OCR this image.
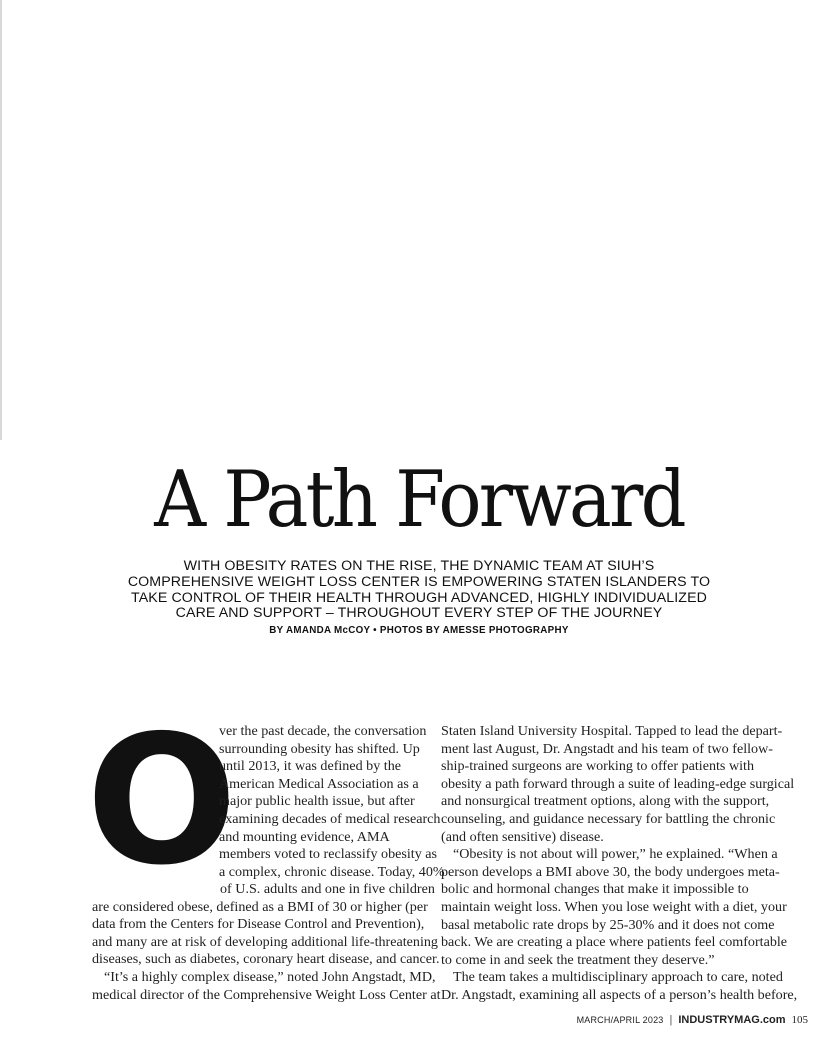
A Path Forward
WITH OBESITY RATES ON THE RISE, THE DYNAMIC TEAM AT SIUH’S
COMPREHENSIVE WEIGHT LOSS CENTER IS EMPOWERING STATEN ISLANDERS TO
TAKE CONTROL OF THEIR HEALTH THROUGH ADVANCED, HIGHLY INDIVIDUALIZED
CARE AND SUPPORT – THROUGHOUT EVERY STEP OF THE JOURNEY
BY AMANDA McCOY • PHOTOS BY AMESSE PHOTOGRAPHY
O
ver the past decade, the conversation
surrounding obesity has shifted. Up
until 2013, it was defined by the
American Medical Association as a
major public health issue, but after
examining decades of medical research
and mounting evidence, AMA
members voted to reclassify obesity as
a complex, chronic disease. Today, 40%
of U.S. adults and one in five children
are considered obese, defined as a BMI of 30 or higher (per
data from the Centers for Disease Control and Prevention),
and many are at risk of developing additional life-threatening
diseases, such as diabetes, coronary heart disease, and cancer.
“It’s a highly complex disease,” noted John Angstadt, MD,
medical director of the Comprehensive Weight Loss Center at
Staten Island University Hospital. Tapped to lead the depart-
ment last August, Dr. Angstadt and his team of two fellow-
ship-trained surgeons are working to offer patients with
obesity a path forward through a suite of leading-edge surgical
and nonsurgical treatment options, along with the support,
counseling, and guidance necessary for battling the chronic
(and often sensitive) disease.
“Obesity is not about will power,” he explained. “When a
person develops a BMI above 30, the body undergoes meta-
bolic and hormonal changes that make it impossible to
maintain weight loss. When you lose weight with a diet, your
basal metabolic rate drops by 25-30% and it does not come
back. We are creating a place where patients feel comfortable
to come in and seek the treatment they deserve.”
The team takes a multidisciplinary approach to care, noted
Dr. Angstadt, examining all aspects of a person’s health before,
MARCH/APRIL 2023 | INDUSTRYMAG.com 105
